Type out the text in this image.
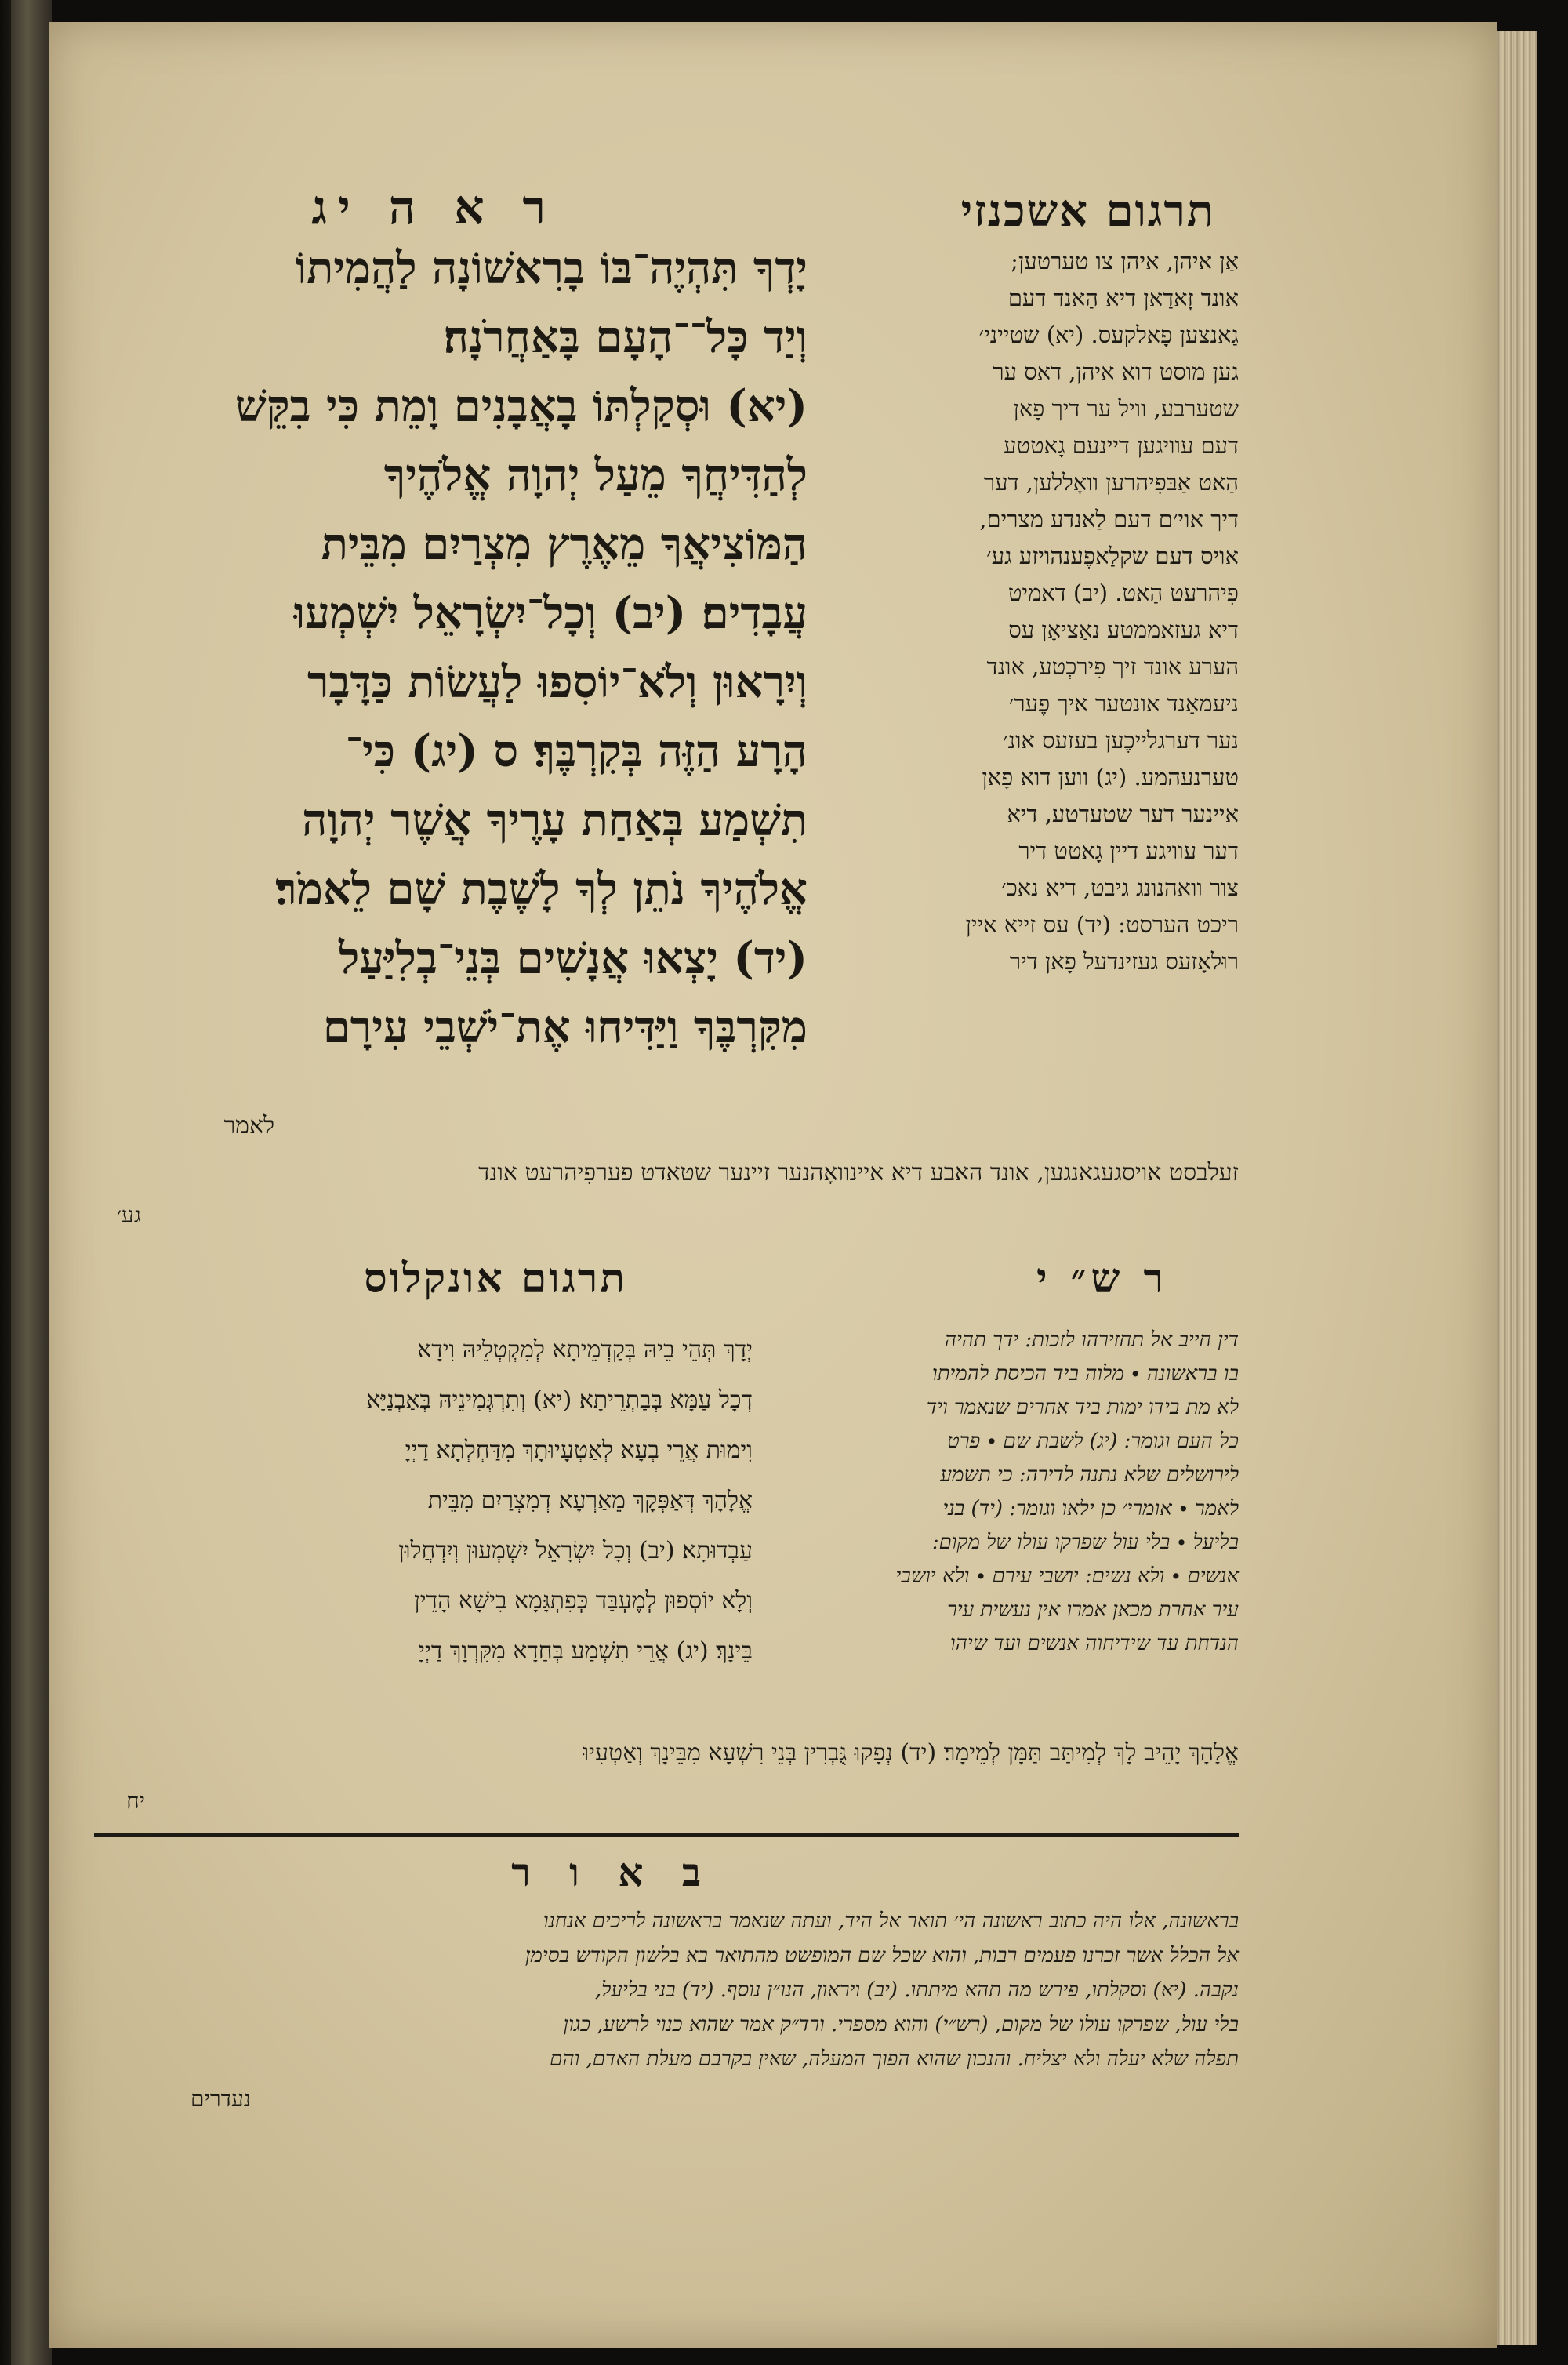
תרגום אשכנזי
ר א ה יג
אַן איהן, איהן צו טערטען;
אונד זָאדַאן דיא הַאנד דעם
גַאנצען פָאלקעס. (יא) שטייני׳
גען מוסט דוא איהן, דאס ער
שטערבע, וויל ער דיך פָאן
דעם עוויגען דיינעם גָאטטע
הַאט אַבּפִיהרען וואָללען, דער
דיך אוי׳ם דעם לַאנדע מצרים,
אויס דעם שקלַאפֶענהויזע גע׳
פִיהרעט הַאט. (יב) דאמיט
דיא געזאממטע נאַציאָן עס
הערע אונד זיך פִירכְטע, אונד
ניעמאַנד אונטער איך פֶער׳
נער דערגלייכֶען בעזעס אונ׳
טערנעהמע. (יג) ווען דוא פָאן
איינער דער שטעדטע, דיא
דער עוויגע דיין גָאטט דיר
צור וואהנונג גיבט, דיא נאכ׳
ריכט הערסט: (יד) עס זייא איין
רוּלאָזעס געזינדעל פָאן דיר
יָדְךָ תִּהְיֶה־בּוֹ בָרִאשׁוֹנָה לַהֲמִיתוֹ
וְיַד כָּל־־הָעָם בָּאַחֲרֹנָה׃
(יא) וּסְקַלְתּוֹ בָאֲבָנִים וָמֵת כִּי בִקֵּשׁ
לְהַדִּיחֲךָ מֵעַל יְהוָה אֱלֹהֶיךָ
הַמּוֹצִיאֲךָ מֵאֶרֶץ מִצְרַיִם מִבֵּית
עֲבָדִים׃ (יב) וְכָל־יִשְׂרָאֵל יִשְׁמְעוּ
וְיִרָאוּן וְלֹא־יוֹסִפוּ לַעֲשׂוֹת כַּדָּבָר
הָרָע הַזֶּה בְּקִרְבֶּךָ׃ ס (יג) כִּי־
תִשְׁמַע בְּאַחַת עָרֶיךָ אֲשֶׁר יְהוָה
אֱלֹהֶיךָ נֹתֵן לְךָ לָשֶׁבֶת שָׁם לֵאמֹר׃
(יד) יָצְאוּ אֲנָשִׁים בְּנֵי־בְלִיַּעַל
מִקִּרְבֶּךָ וַיַּדִּיחוּ אֶת־יֹשְׁבֵי עִירָם
לאמר
זעלבסט אויסגעגאנגען, אונד האבע דיא איינוואָהנער זיינער שטאדט פערפִיהרעט אונד
גע׳
ר ש״ י
דין חייב אל תחזירהו לזכות: ידך תהיה
בו בראשונה ∙ מלוה ביד הכיסת להמיתו
לא מת בידו ימות ביד אחרים שנאמר ויד
כל העם וגומר: (יג) לשבת שם ∙ פרט
לירושלים שלא נתנה לדירה: כי תשמע
לאמר ∙ אומרי׳ כן ילאו וגומר: (יד) בני
בליעל ∙ בלי עול שפרקו עולו של מקום:
אנשים ∙ ולא נשים: יושבי עירם ∙ ולא יושבי
עיר אחרת מכאן אמרו אין נעשית עיר
הנדחת עד שידיחוה אנשים ועד שיהו
תרגום אונקלוס
יְדָךְ תְּהֵי בֵיהּ בְּקַדְמֵיתָא לְמִקְטְלֵיהּ וִידָא
דְכָל עַמָּא בְּבַתְרֵיתָא׃ (יא) וְתִרְגְּמִינֵיהּ בְּאַבְנַיָּא
וִימוּת אֲרֵי בְעָא לְאַטְעָיוּתָךְ מִדַּחְלְתָא דַיְיָ
אֱלָהָךְ דְּאַפְּקָךְ מֵאַרְעָא דְמִצְרַיִם מִבֵּית
עַבְדוּתָא׃ (יב) וְכָל יִשְׂרָאֵל יִשְׁמְעוּן וְיִדְחֲלוּן
וְלָא יוֹסְפוּן לְמֶעְבַּד כְּפִתְגָּמָא בִישָׁא הָדֵין
בֵּינָךְ׃ (יג) אֲרֵי תִשְׁמַע בְּחַדָא מִקִּרְוָךְ דַיְיָ
אֱלָהָךְ יָהֵיב לָךְ לְמִיתַּב תַּמָּן לְמֵימָר׃ (יד) נְפָקוּ גֻּבְרִין בְּנֵי רִשְׁעָא מִבֵּינָךְ וְאַטְעִיוּ
יח
ב א ו ר
בראשונה, אלו היה כתוב ראשונה הי׳ תואר אל היד, ועתה שנאמר בראשונה לריכים אנחנו
אל הכלל אשר זכרנו פעמים רבות, והוא שכל שם המופשט מהתואר בא בלשון הקודש בסימן
נקבה. (יא) וסקלתו, פירש מה תהא מיתתו. (יב) ויראון, הנו״ן נוסף. (יד) בני בליעל,
בלי עול, שפרקו עולו של מקום, (רש״י) והוא מספרי. ורד״ק אמר שהוא כנוי לרשע, כגון
תפלה שלא יעלה ולא יצליח. והנכון שהוא הפוך המעלה, שאין בקרבם מעלת האדם, והם
נעדרים
